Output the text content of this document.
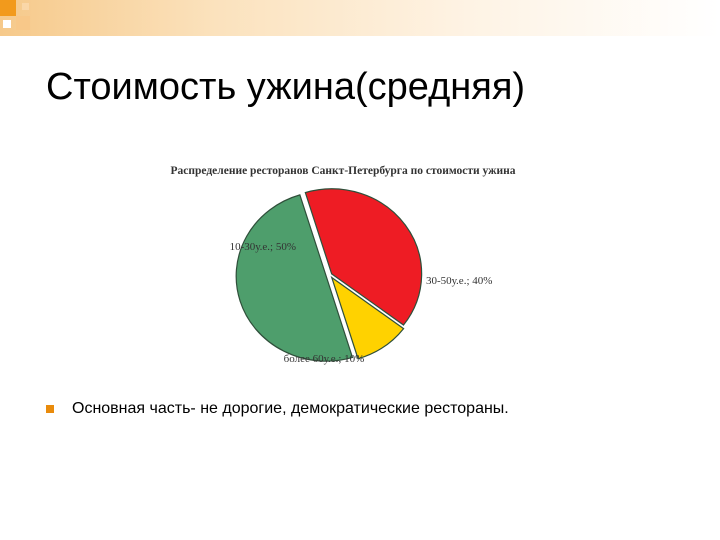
Стоимость ужина(средняя)
Распределение ресторанов Санкт-Петербурга по стоимости ужина
10-30у.е.; 50%
30-50у.е.; 40%
более 60у.е.; 10%
Основная часть- не дорогие, демократические рестораны.
